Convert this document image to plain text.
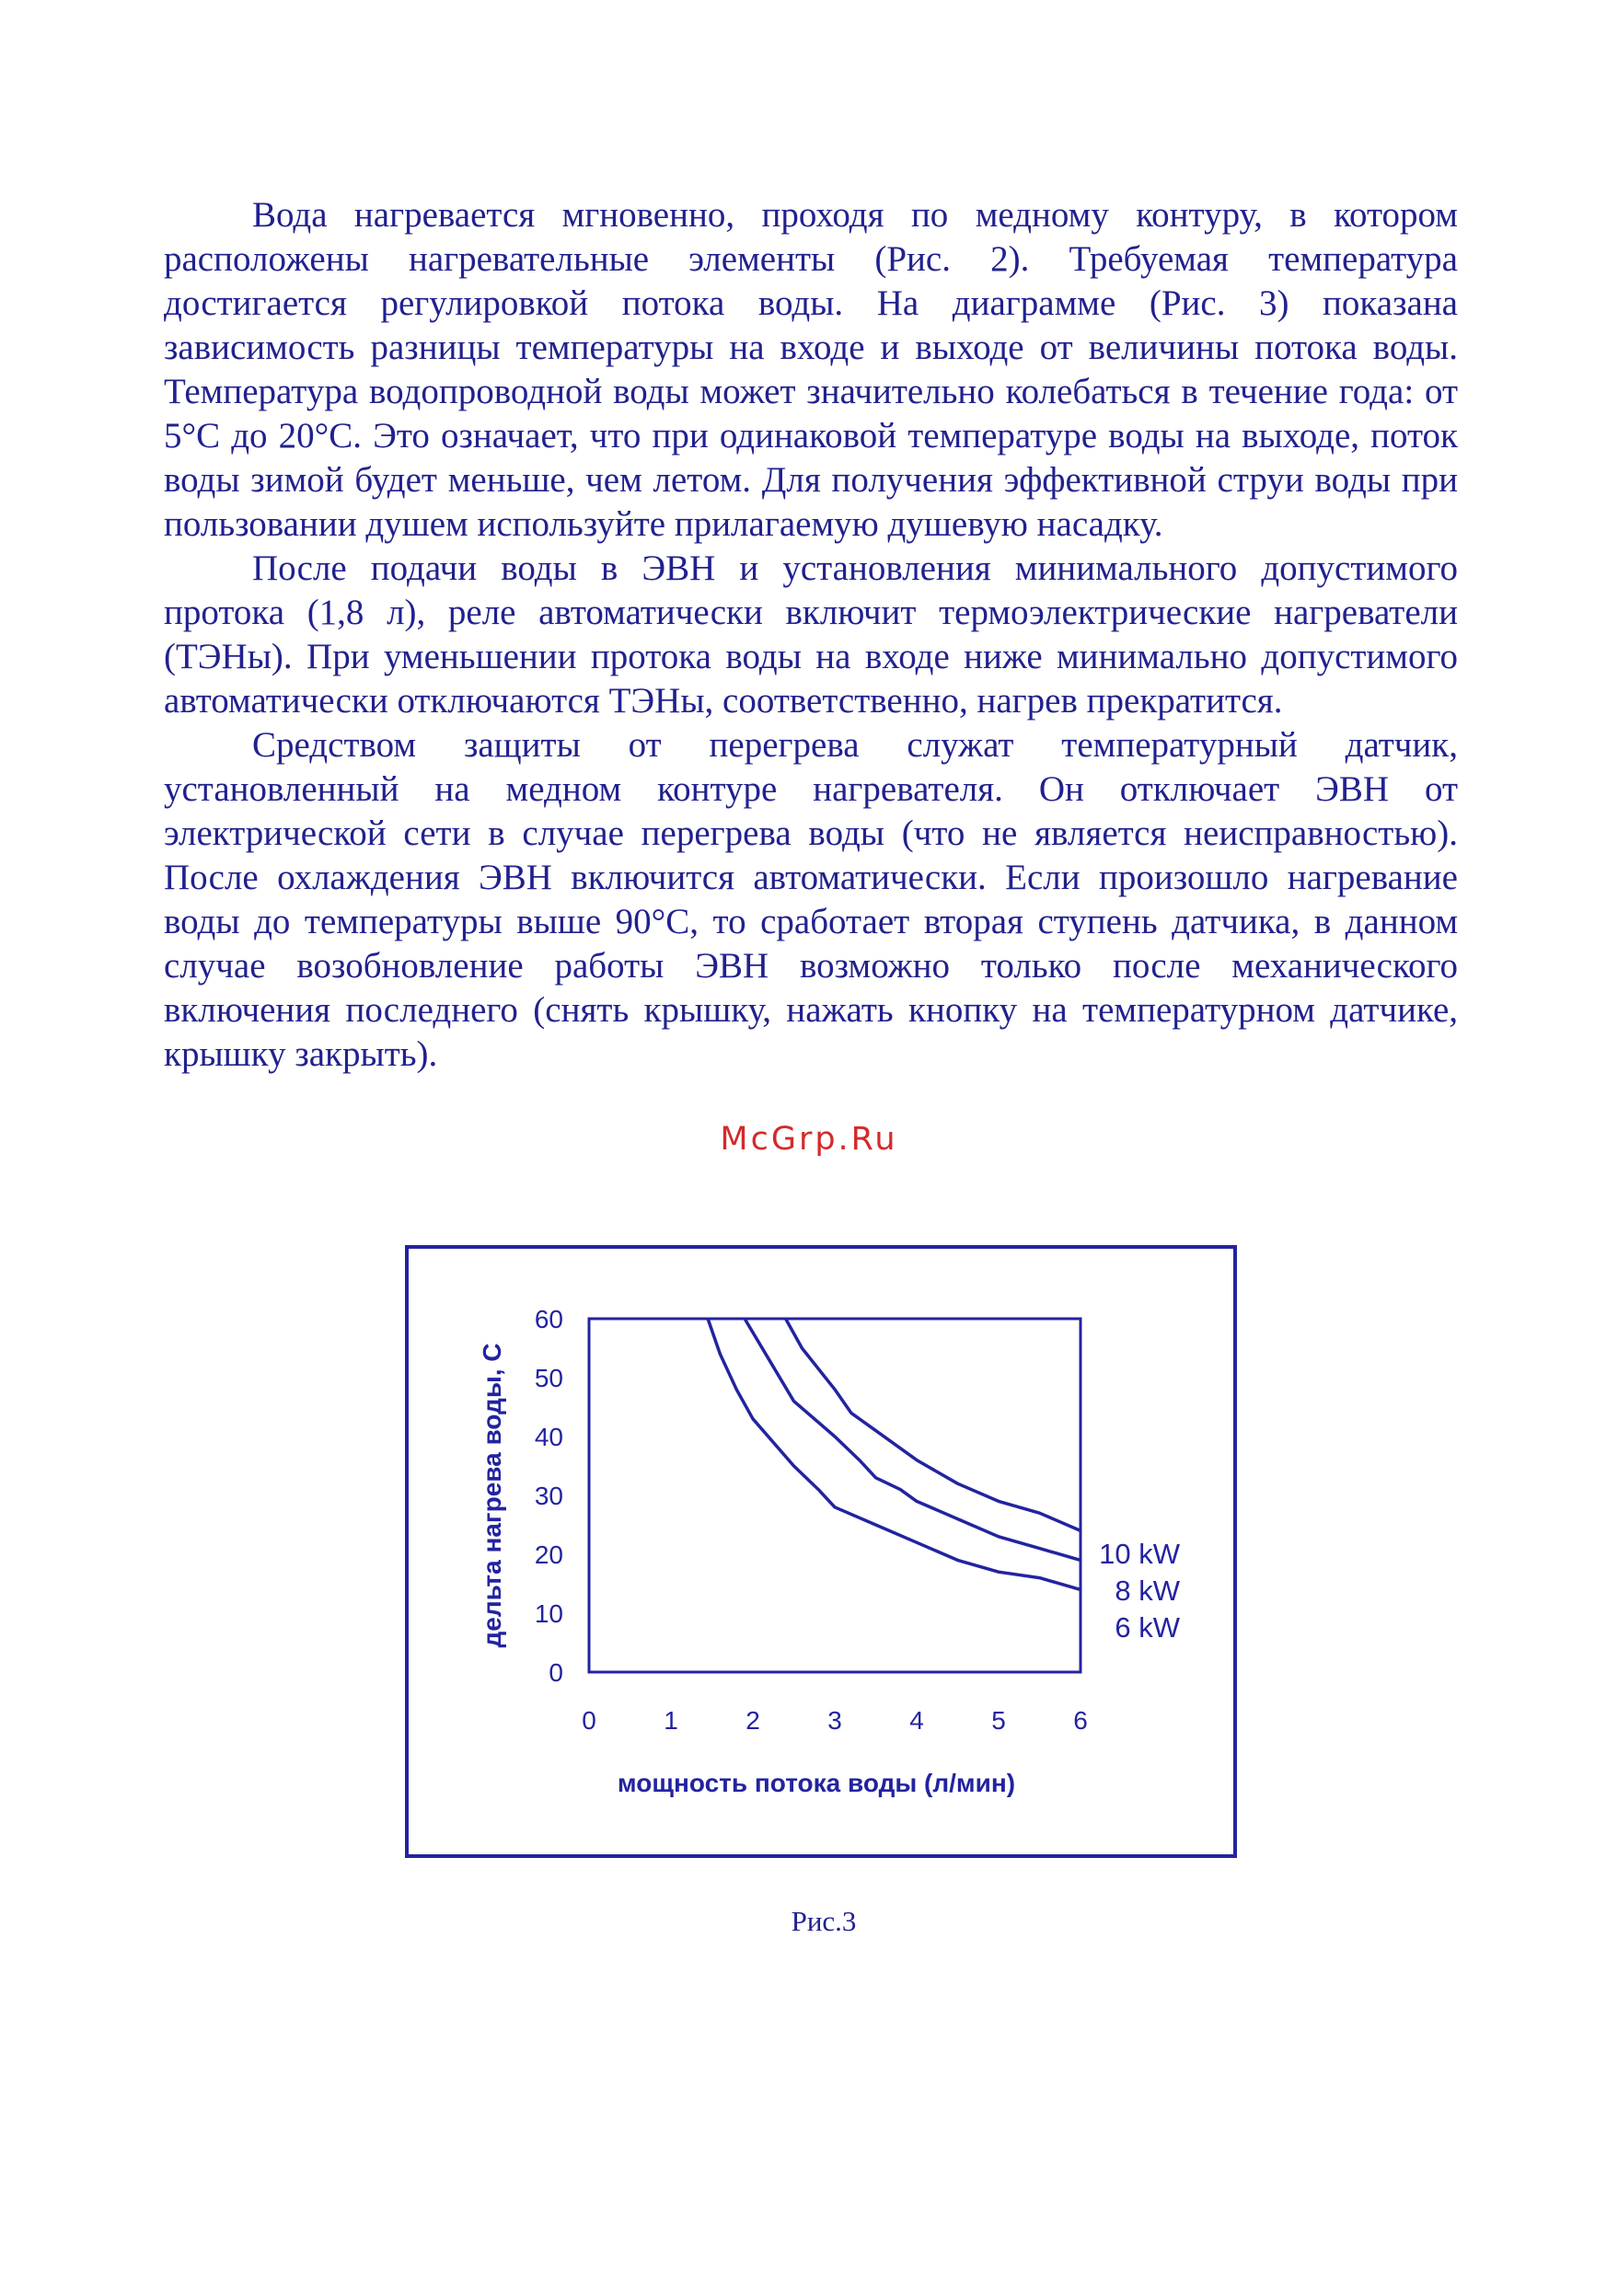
Вода нагревается мгновенно, проходя по медному контуру, в котором расположены нагревательные элементы (Рис. 2). Требуемая температура достигается регулировкой потока воды. На диаграмме (Рис. 3) показана зависимость разницы температуры на входе и выходе от величины потока воды. Температура водопроводной воды может значительно колебаться в течение года: от 5°С до 20°С. Это означает, что при одинаковой температуре воды на выходе, поток воды зимой будет меньше, чем летом. Для получения эффективной струи воды при пользовании душем используйте прилагаемую душевую насадку.

После подачи воды в ЭВН и установления минимального допустимого протока (1,8 л), реле автоматически включит термоэлектрические нагреватели (ТЭНы). При уменьшении протока воды на входе ниже минимально допустимого автоматически отключаются ТЭНы, соответственно, нагрев прекратится.

Средством защиты от перегрева служат температурный датчик, установленный на медном контуре нагревателя. Он отключает ЭВН от электрической сети в случае перегрева воды (что не является неисправностью). После охлаждения ЭВН включится автоматически. Если произошло нагревание воды до температуры выше 90°С, то сработает вторая ступень датчика, в данном случае возобновление работы ЭВН возможно только после механического включения последнего (снять крышку, нажать кнопку на температурном датчике, крышку закрыть).

McGrp.Ru
0
10
20
30
40
50
60
0	1	2	3	4	5	6
мощность потока воды (л/мин)
дельта нагрева воды, С	10 kW
8 kW
6 kW
Рис.3
